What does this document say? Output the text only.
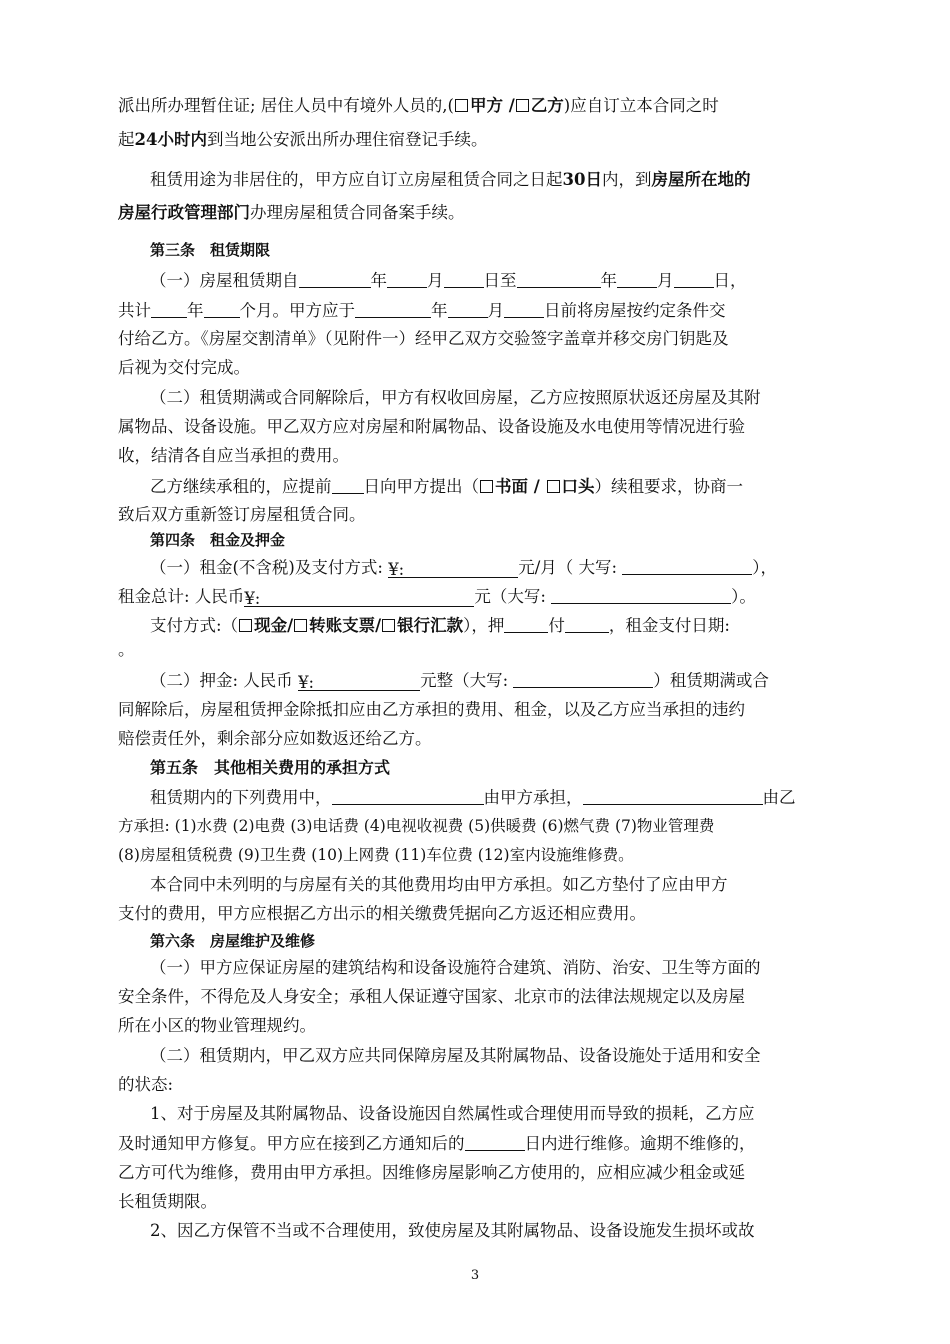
派出所办理暂住证; 居住人员中有境外人员的,( 甲方 / 乙方)应自订立本合同之时
起24小时内到当地公安派出所办理住宿登记手续。
租赁用途为非居住的，甲方应自订立房屋租赁合同之日起30日内，到房屋所在地的
房屋行政管理部门办理房屋租赁合同备案手续。
第三条　租赁期限
（一）房屋租赁期自	年 月 日至	年 月 日，
共计 年 个月。甲方应于	年 月 日前将房屋按约定条件交
付给乙方。《房屋交割清单》（见附件一）经甲乙双方交验签字盖章并移交房门钥匙及
后视为交付完成。
（二）租赁期满或合同解除后，甲方有权收回房屋，乙方应按照原状返还房屋及其附
属物品、设备设施。甲乙双方应对房屋和附属物品、设备设施及水电使用等情况进行验
收，结清各自应当承担的费用。
乙方继续承租的，应提前 日向甲方提出（ 书面 / 口头）续租要求，协商一
致后双方重新签订房屋租赁合同。
第四条　租金及押金
（一）租金(不含税)及支付方式: ¥:	元/月（ 大写:	），
租金总计: 人民币¥:	元（大写:	）。
支付方式:（ 现金/ 转账支票/ 银行汇款），押	付	，租金支付日期:
。
（二）押金: 人民币 ¥:	元整（大写:	）租赁期满或合
同解除后，房屋租赁押金除抵扣应由乙方承担的费用、租金，以及乙方应当承担的违约
赔偿责任外，剩余部分应如数返还给乙方。
第五条　其他相关费用的承担方式
租赁期内的下列费用中，	由甲方承担，	由乙
方承担: (1)水费 (2)电费 (3)电话费 (4)电视收视费 (5)供暖费 (6)燃气费 (7)物业管理费
(8)房屋租赁税费 (9)卫生费 (10)上网费 (11)车位费 (12)室内设施维修费。
本合同中未列明的与房屋有关的其他费用均由甲方承担。如乙方垫付了应由甲方
支付的费用，甲方应根据乙方出示的相关缴费凭据向乙方返还相应费用。
第六条　房屋维护及维修
（一）甲方应保证房屋的建筑结构和设备设施符合建筑、消防、治安、卫生等方面的
安全条件，不得危及人身安全；承租人保证遵守国家、北京市的法律法规规定以及房屋
所在小区的物业管理规约。
（二）租赁期内，甲乙双方应共同保障房屋及其附属物品、设备设施处于适用和安全
的状态:
1、对于房屋及其附属物品、设备设施因自然属性或合理使用而导致的损耗，乙方应
及时通知甲方修复。甲方应在接到乙方通知后的	日内进行维修。逾期不维修的，
乙方可代为维修，费用由甲方承担。因维修房屋影响乙方使用的，应相应减少租金或延
长租赁期限。
2、因乙方保管不当或不合理使用，致使房屋及其附属物品、设备设施发生损坏或故
3
